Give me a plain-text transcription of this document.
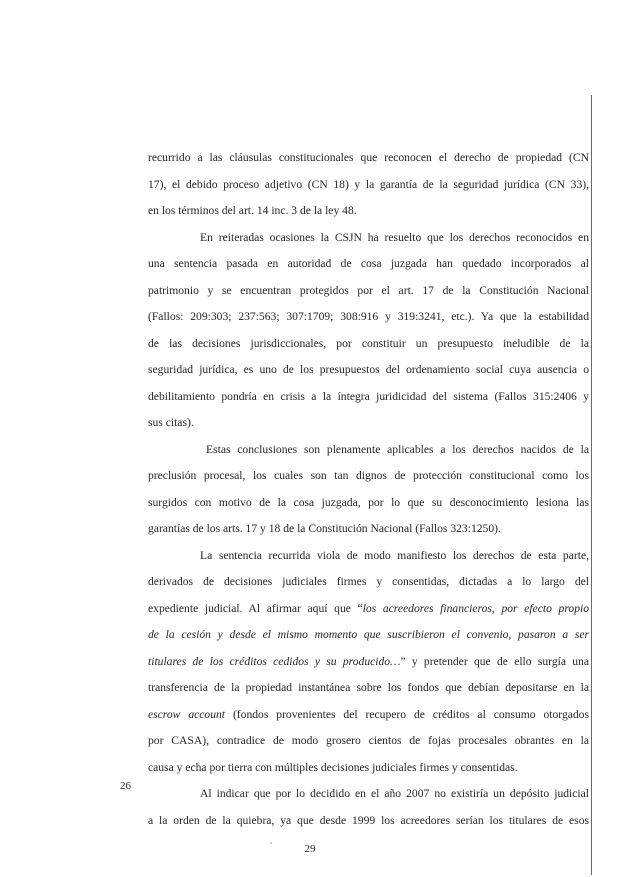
recurrido a las cláusulas constitucionales que reconocen el derecho de propiedad (CN
17), el debido proceso adjetivo (CN 18) y la garantía de la seguridad jurídica (CN 33),
en los términos del art. 14 inc. 3 de la ley 48.
En reiteradas ocasiones la CSJN ha resuelto que los derechos reconocidos en
una sentencia pasada en autoridad de cosa juzgada han quedado incorporados al
patrimonio y se encuentran protegidos por el art. 17 de la Constitución Nacional
(Fallos: 209:303; 237:563; 307:1709; 308:916 y 319:3241, etc.). Ya que la estabilidad
de las decisiones jurisdiccionales, por constituir un presupuesto ineludible de la
seguridad jurídica, es uno de los presupuestos del ordenamiento social cuya ausencia o
debilitamiento pondría en crisis a la íntegra juridicidad del sistema (Fallos 315:2406 y
sus citas).
Estas conclusiones son plenamente aplicables a los derechos nacidos de la
preclusión procesal, los cuales son tan dignos de protección constitucional como los
surgidos con motivo de la cosa juzgada, por lo que su desconocimiento lesiona las
garantías de los arts. 17 y 18 de la Constitución Nacional (Fallos 323:1250).
La sentencia recurrida viola de modo manifiesto los derechos de esta parte,
derivados de decisiones judiciales firmes y consentidas, dictadas a lo largo del
expediente judicial. Al afirmar aquí que “los acreedores financieros, por efecto propio
de la cesión y desde el mismo momento que suscribieron el convenio, pasaron a ser
titulares de los créditos cedidos y su producido…” y pretender que de ello surgía una
transferencia de la propiedad instantánea sobre los fondos que debían depositarse en la
escrow account (fondos provenientes del recupero de créditos al consumo otorgados
por CASA), contradice de modo grosero cientos de fojas procesales obrantes en la
causa y echa por tierra con múltiples decisiones judiciales firmes y consentidas.
Al indicar que por lo decidido en el año 2007 no existiría un depósito judicial
a la orden de la quiebra, ya que desde 1999 los acreedores serían los titulares de esos
26
29
